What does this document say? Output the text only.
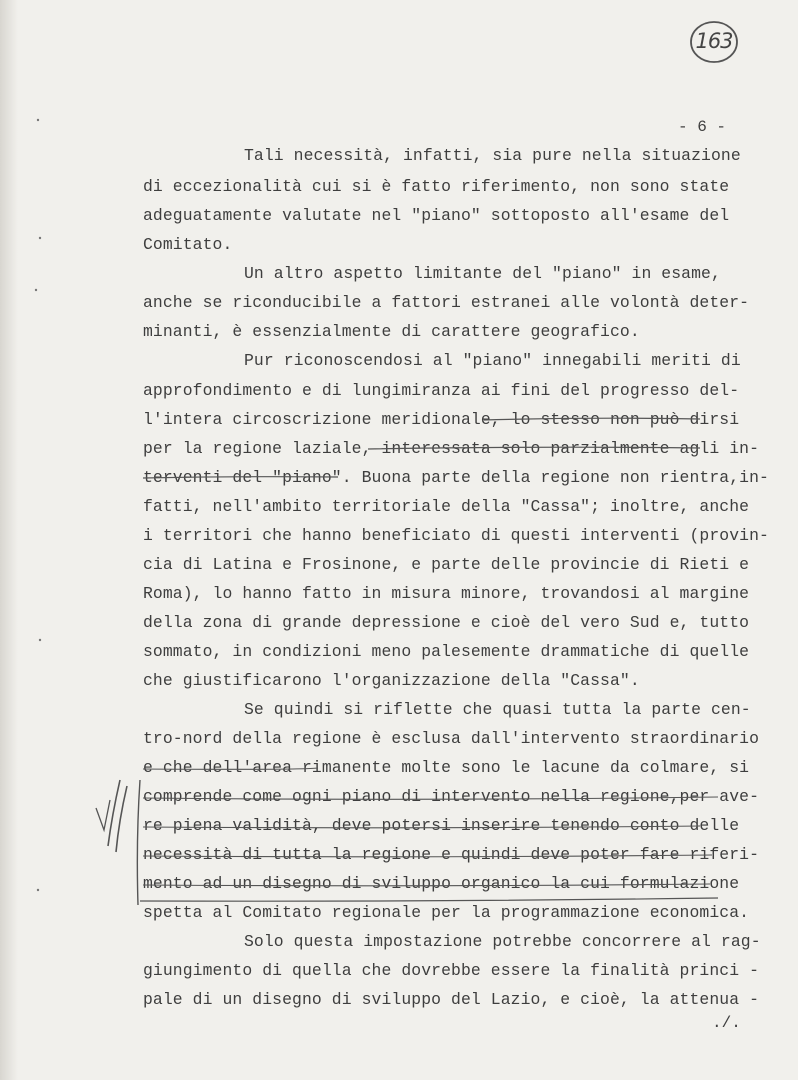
163
- 6 -
Tali necessità, infatti, sia pure nella situazione
di eccezionalità cui si è fatto riferimento, non sono state
adeguatamente valutate nel "piano" sottoposto all'esame del
Comitato.
Un altro aspetto limitante del "piano" in esame,
anche se riconducibile a fattori estranei alle volontà deter-
minanti, è essenzialmente di carattere geografico.
Pur riconoscendosi al "piano" innegabili meriti di
approfondimento e di lungimiranza ai fini del progresso del-
l'intera circoscrizione meridionale, lo stesso non può dirsi
per la regione laziale, interessata solo parzialmente agli in-
terventi del "piano". Buona parte della regione non rientra,in-
fatti, nell'ambito territoriale della "Cassa"; inoltre, anche
i territori che hanno beneficiato di questi interventi (provin-
cia di Latina e Frosinone, e parte delle provincie di Rieti e
Roma), lo hanno fatto in misura minore, trovandosi al margine
della zona di grande depressione e cioè del vero Sud e, tutto
sommato, in condizioni meno palesemente drammatiche di quelle
che giustificarono l'organizzazione della "Cassa".
Se quindi si riflette che quasi tutta la parte cen-
tro-nord della regione è esclusa dall'intervento straordinario
e che dell'area rimanente molte sono le lacune da colmare, si
comprende come ogni piano di intervento nella regione,per ave-
re piena validità, deve potersi inserire tenendo conto delle
necessità di tutta la regione e quindi deve poter fare riferi-
mento ad un disegno di sviluppo organico la cui formulazione
spetta al Comitato regionale per la programmazione economica.
Solo questa impostazione potrebbe concorrere al rag-
giungimento di quella che dovrebbe essere la finalità princi -
pale di un disegno di sviluppo del Lazio, e cioè, la attenua -
./.
